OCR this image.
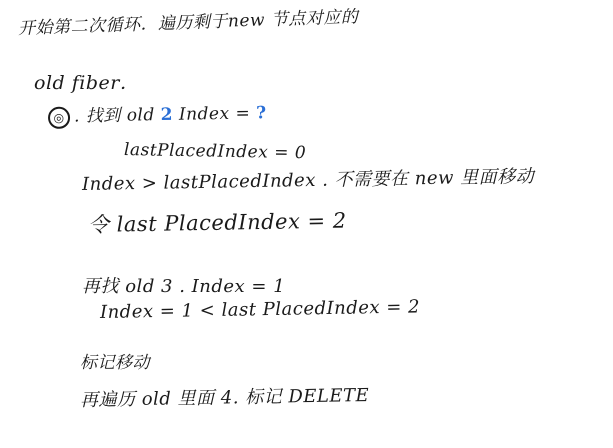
开始第二次循环．遍历剩于new 节点对应的
old fiber．
◎ . 找到 old 2 Index = ?
lastPlacedIndex = 0
Index > lastPlacedIndex . 不需要在 new 里面移动
令 last PlacedIndex = 2
再找 old 3 . Index = 1
Index = 1 < last PlacedIndex = 2
标记移动
再遍历 old 里面 4. 标记 DELETE
